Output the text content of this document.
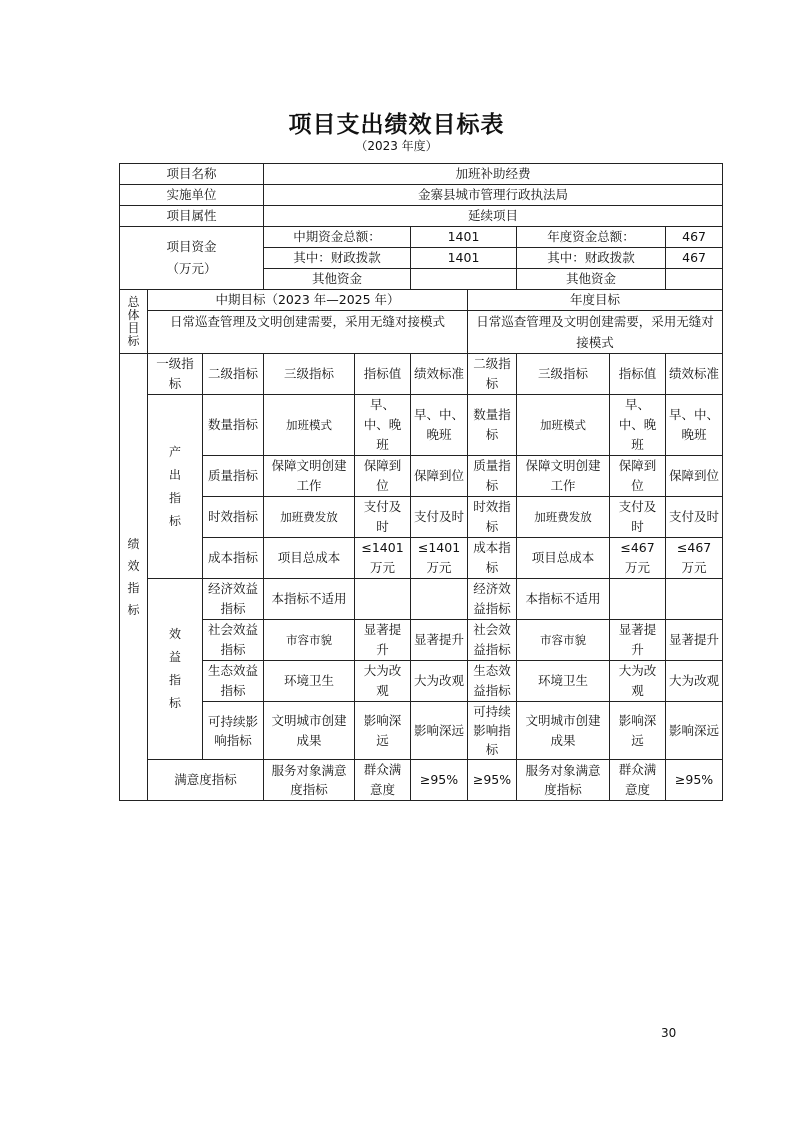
项目支出绩效目标表
（2023 年度）
项目名称			加班补助经费							
实施单位			金寨县城市管理行政执法局							
项目属性			延续项目							
项目资金
（万元）			中期资金总额：		1401		年度资金总额：		467	
			其中：财政拨款		1401		其中：财政拨款		467	
			其他资金				其他资金			

总体目标	中期目标（2023 年—2025 年）					年度目标				
	日常巡查管理及文明创建需要，采用无缝对接模式					日常巡查管理及文明创建需要，采用无缝对接模式				

绩效指标	一级指标	二级指标	三级指标	指标值	绩效标准	二级指标	三级指标	指标值	绩效标准	

	产出指标	数量指标	加班模式	早、中、晚班	早、中、晚班	数量指标	加班模式	早、中、晚班	早、中、晚班	
		质量指标	保障文明创建工作	保障到位	保障到位	质量指标	保障文明创建工作	保障到位	保障到位	
		时效指标	加班费发放	支付及时	支付及时	时效指标	加班费发放	支付及时	支付及时	
		成本指标	项目总成本	≤1401万元	≤1401万元	成本指标	项目总成本	≤467 万元	≤467 万元	

	效益指标	经济效益指标	本指标不适用			经济效益指标	本指标不适用			
		社会效益指标	市容市貌	显著提升	显著提升	社会效益指标	市容市貌	显著提升	显著提升	
		生态效益指标	环境卫生	大为改观	大为改观	生态效益指标	环境卫生	大为改观	大为改观	
		可持续影响指标	文明城市创建成果	影响深远	影响深远	可持续影响指标	文明城市创建成果	影响深远	影响深远	
	满意度指标		服务对象满意度指标	群众满意度	≥95%	≥95%	服务对象满意度指标	群众满意度	≥95%	
30
